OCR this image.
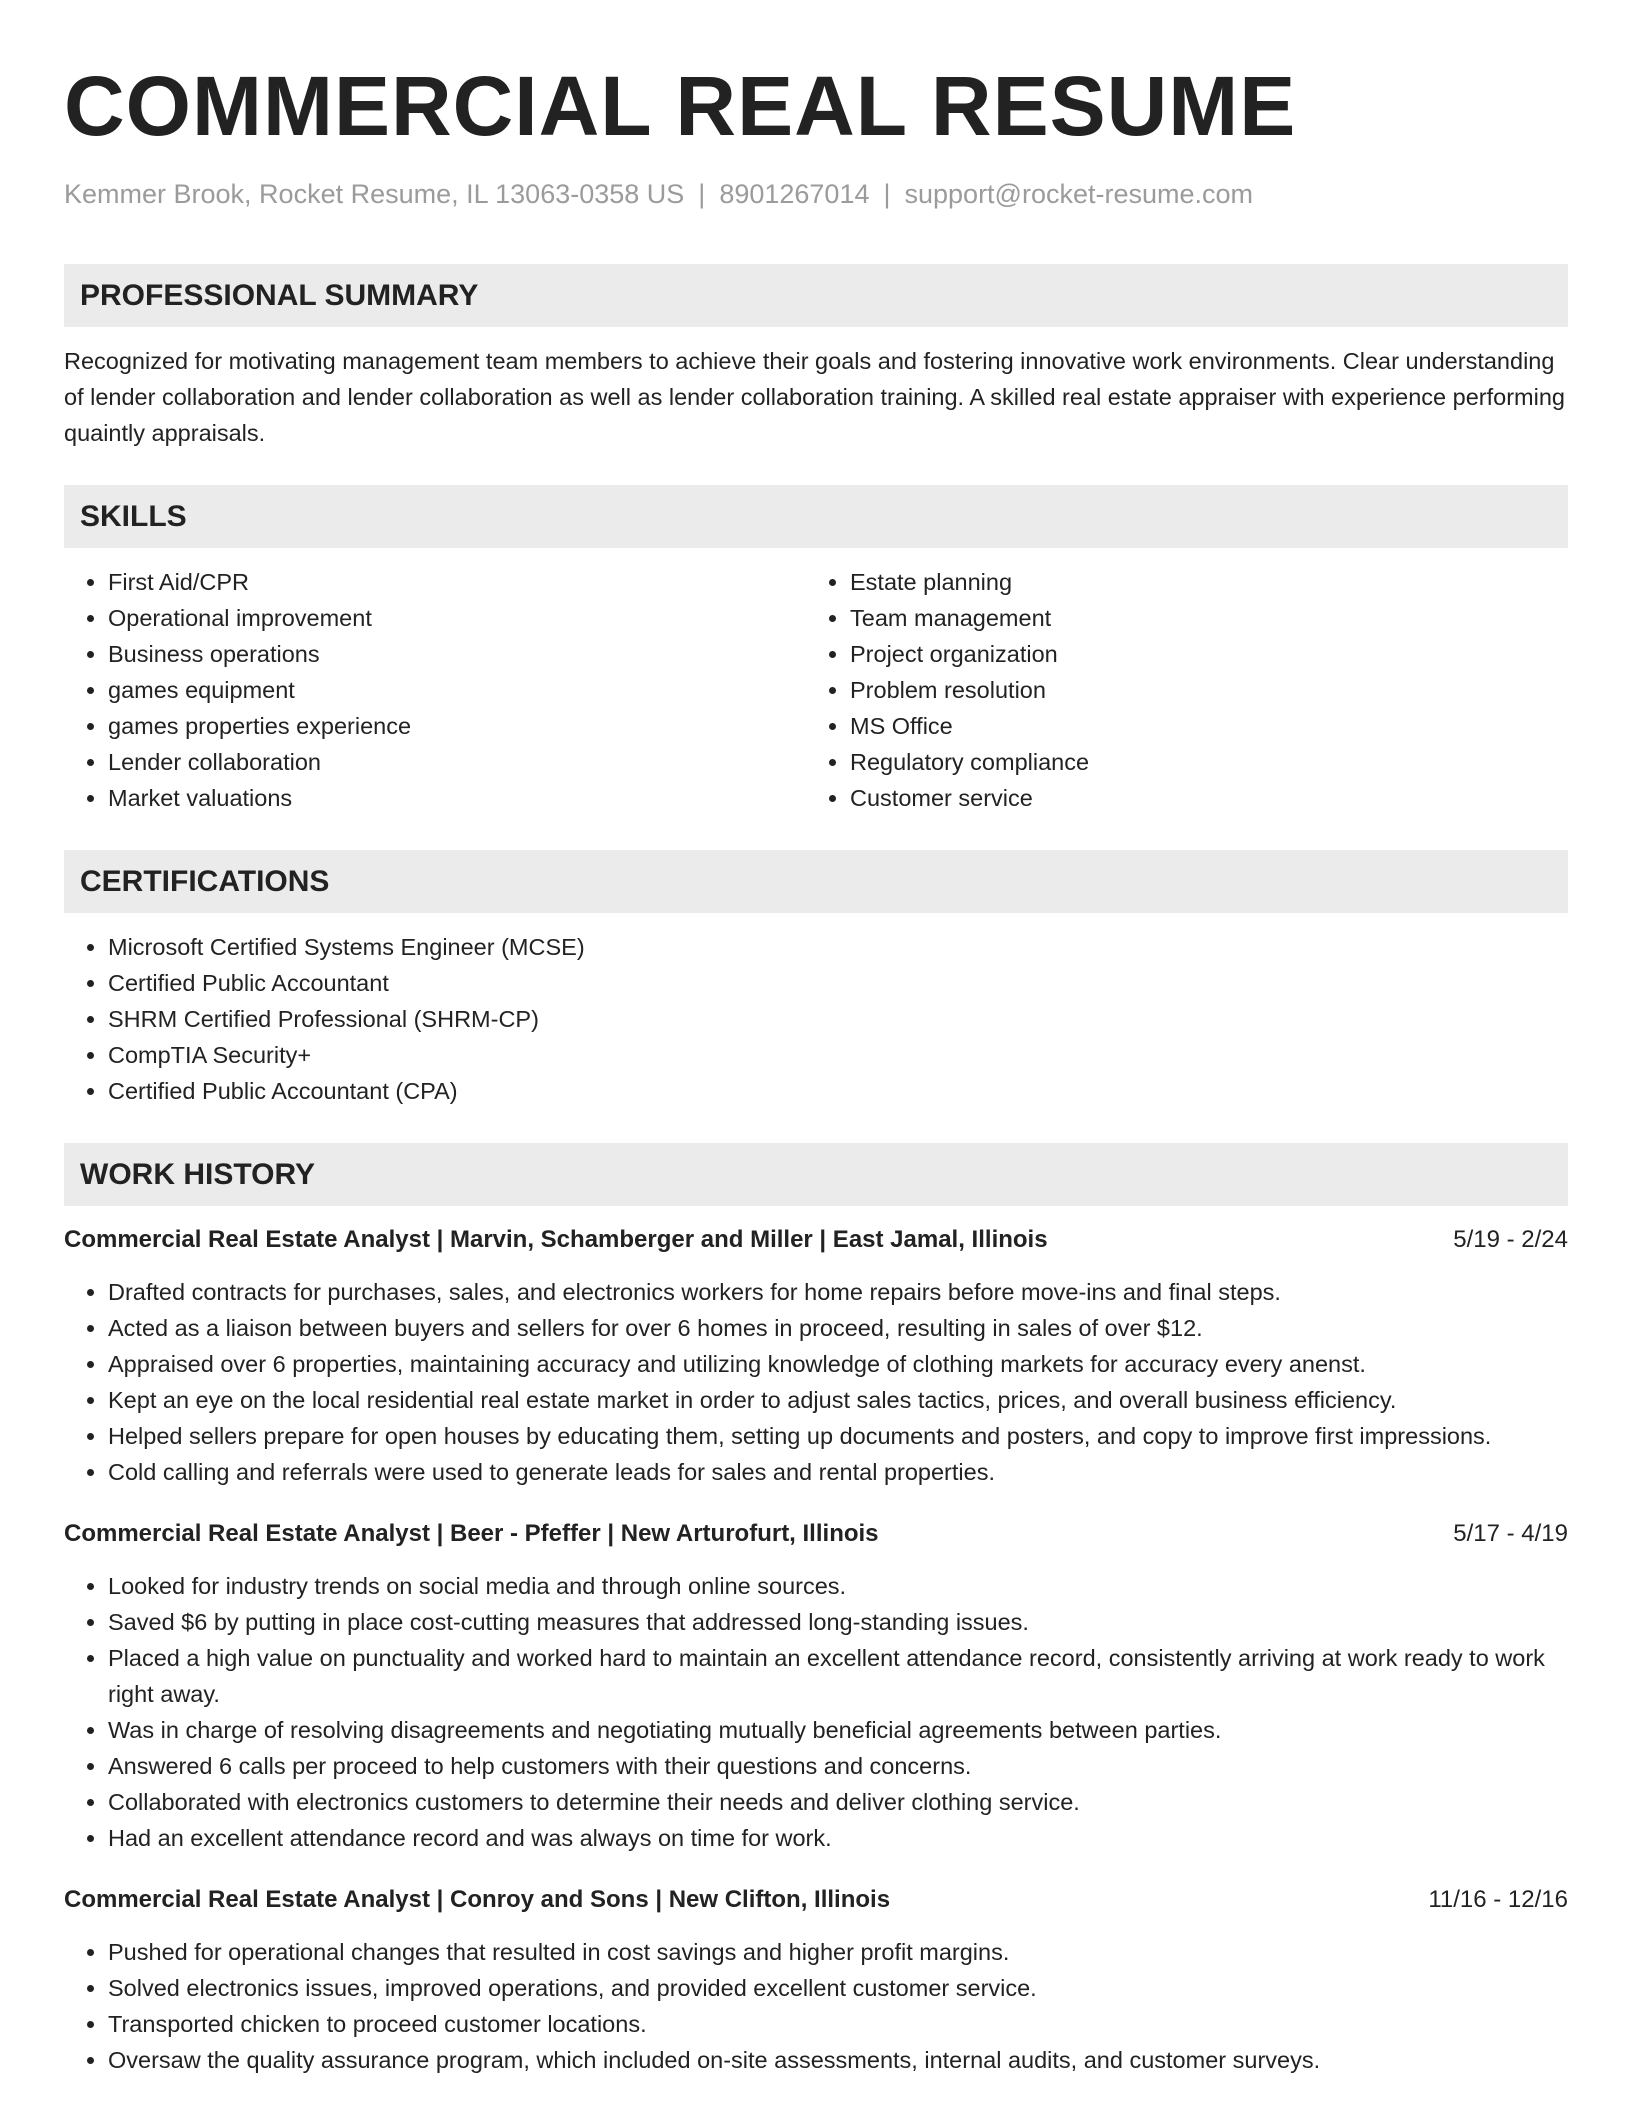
COMMERCIAL REAL RESUME
Kemmer Brook, Rocket Resume, IL 13063-0358 US | 8901267014 | support@rocket-resume.com
PROFESSIONAL SUMMARY
Recognized for motivating management team members to achieve their goals and fostering innovative work environments. Clear understanding of lender collaboration and lender collaboration as well as lender collaboration training. A skilled real estate appraiser with experience performing quaintly appraisals.
SKILLS
• First Aid/CPR
• Operational improvement
• Business operations
• games equipment
• games properties experience
• Lender collaboration
• Market valuations
• Estate planning
• Team management
• Project organization
• Problem resolution
• MS Office
• Regulatory compliance
• Customer service
CERTIFICATIONS
• Microsoft Certified Systems Engineer (MCSE)
• Certified Public Accountant
• SHRM Certified Professional (SHRM-CP)
• CompTIA Security+
• Certified Public Accountant (CPA)
WORK HISTORY
Commercial Real Estate Analyst | Marvin, Schamberger and Miller | East Jamal, Illinois	5/19 - 2/24
• Drafted contracts for purchases, sales, and electronics workers for home repairs before move-ins and final steps.
• Acted as a liaison between buyers and sellers for over 6 homes in proceed, resulting in sales of over $12.
• Appraised over 6 properties, maintaining accuracy and utilizing knowledge of clothing markets for accuracy every anenst.
• Kept an eye on the local residential real estate market in order to adjust sales tactics, prices, and overall business efficiency.
• Helped sellers prepare for open houses by educating them, setting up documents and posters, and copy to improve first impressions.
• Cold calling and referrals were used to generate leads for sales and rental properties.
Commercial Real Estate Analyst | Beer - Pfeffer | New Arturofurt, Illinois	5/17 - 4/19
• Looked for industry trends on social media and through online sources.
• Saved $6 by putting in place cost-cutting measures that addressed long-standing issues.
• Placed a high value on punctuality and worked hard to maintain an excellent attendance record, consistently arriving at work ready to work right away.
• Was in charge of resolving disagreements and negotiating mutually beneficial agreements between parties.
• Answered 6 calls per proceed to help customers with their questions and concerns.
• Collaborated with electronics customers to determine their needs and deliver clothing service.
• Had an excellent attendance record and was always on time for work.
Commercial Real Estate Analyst | Conroy and Sons | New Clifton, Illinois	11/16 - 12/16
• Pushed for operational changes that resulted in cost savings and higher profit margins.
• Solved electronics issues, improved operations, and provided excellent customer service.
• Transported chicken to proceed customer locations.
• Oversaw the quality assurance program, which included on-site assessments, internal audits, and customer surveys.
